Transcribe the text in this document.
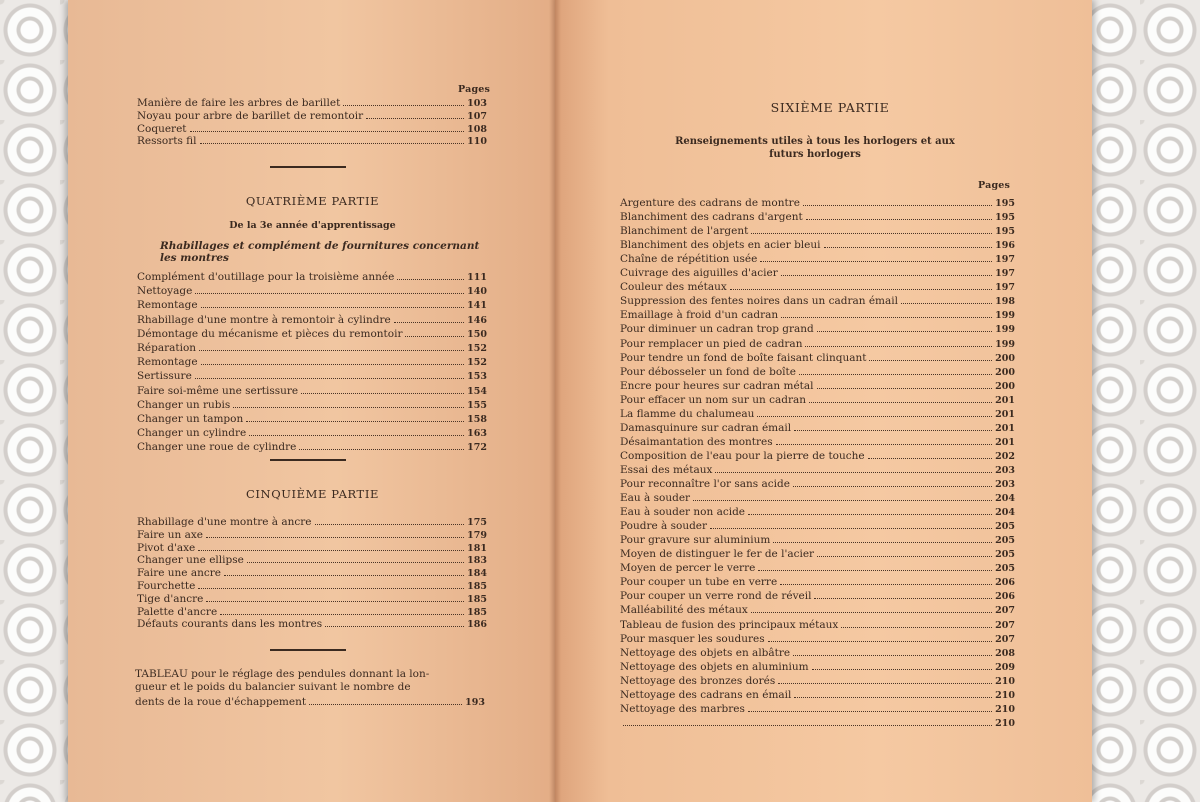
Pages
Manière de faire les arbres de barillet	103
Noyau pour arbre de barillet de remontoir	107
Coqueret	108
Ressorts fil	110
QUATRIÈME PARTIE
De la 3e année d'apprentissage
Rhabillages et complément de fournitures concernant
les montres
Complément d'outillage pour la troisième année	111
Nettoyage	140
Remontage	141
Rhabillage d'une montre à remontoir à cylindre	146
Démontage du mécanisme et pièces du remontoir	150
Réparation	152
Remontage	152
Sertissure	153
Faire soi-même une sertissure	154
Changer un rubis	155
Changer un tampon	158
Changer un cylindre	163
Changer une roue de cylindre	172
CINQUIÈME PARTIE
Rhabillage d'une montre à ancre	175
Faire un axe	179
Pivot d'axe	181
Changer une ellipse	183
Faire une ancre	184
Fourchette	185
Tige d'ancre	185
Palette d'ancre	185
Défauts courants dans les montres	186
TABLEAU pour le réglage des pendules donnant la lon-
gueur et le poids du balancier suivant le nombre de
dents de la roue d'échappement	193
SIXIÈME PARTIE
Renseignements utiles à tous les horlogers et aux
futurs horlogers
Pages
Argenture des cadrans de montre	195
Blanchiment des cadrans d'argent	195
Blanchiment de l'argent	195
Blanchiment des objets en acier bleui	196
Chaîne de répétition usée	197
Cuivrage des aiguilles d'acier	197
Couleur des métaux	197
Suppression des fentes noires dans un cadran émail	198
Emaillage à froid d'un cadran	199
Pour diminuer un cadran trop grand	199
Pour remplacer un pied de cadran	199
Pour tendre un fond de boîte faisant clinquant	200
Pour débosseler un fond de boîte	200
Encre pour heures sur cadran métal	200
Pour effacer un nom sur un cadran	201
La flamme du chalumeau	201
Damasquinure sur cadran émail	201
Désaimantation des montres	201
Composition de l'eau pour la pierre de touche	202
Essai des métaux	203
Pour reconnaître l'or sans acide	203
Eau à souder	204
Eau à souder non acide	204
Poudre à souder	205
Pour gravure sur aluminium	205
Moyen de distinguer le fer de l'acier	205
Moyen de percer le verre	205
Pour couper un tube en verre	206
Pour couper un verre rond de réveil	206
Malléabilité des métaux	207
Tableau de fusion des principaux métaux	207
Pour masquer les soudures	207
Nettoyage des objets en albâtre	208
Nettoyage des objets en aluminium	209
Nettoyage des bronzes dorés	210
Nettoyage des cadrans en émail	210
Nettoyage des marbres	210
210
